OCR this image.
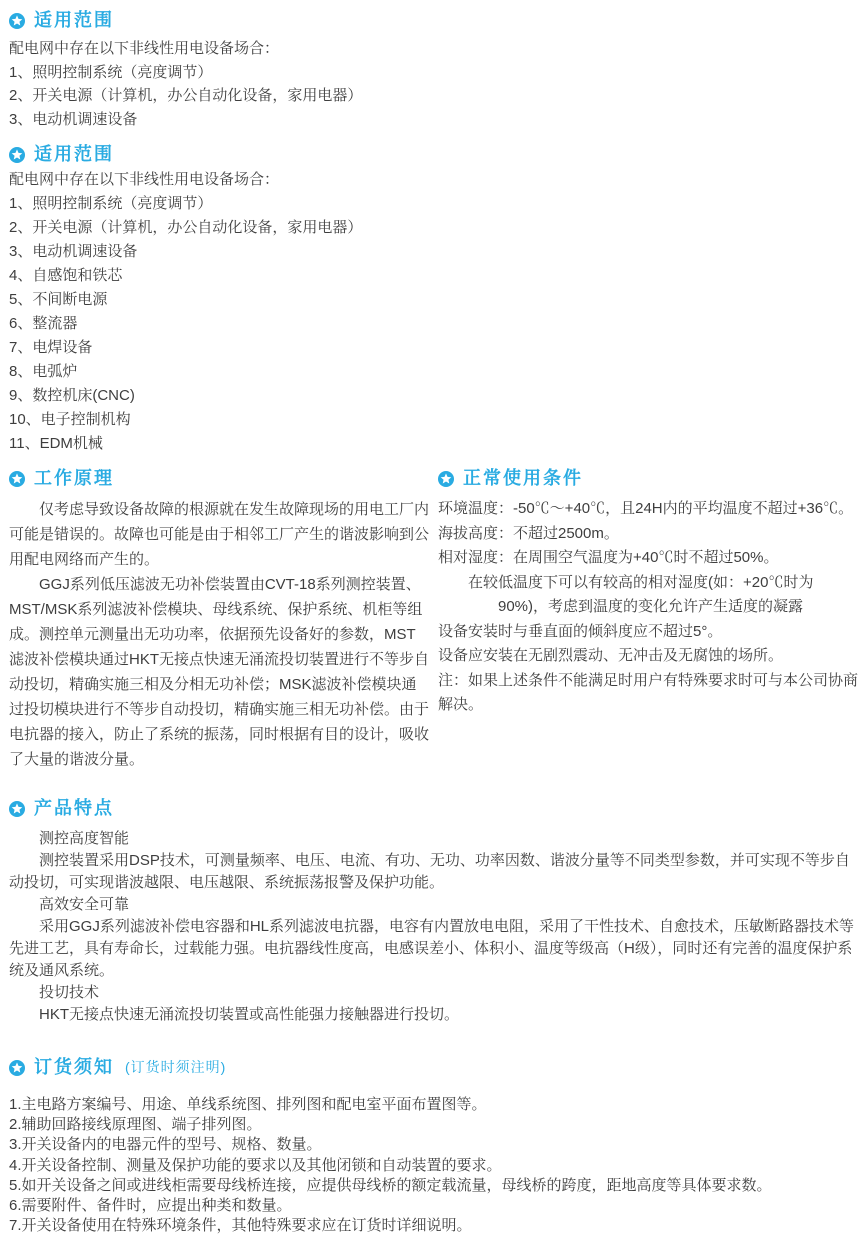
适用范围

配电网中存在以下非线性用电设备场合：

1、照明控制系统（亮度调节）

2、开关电源（计算机，办公自动化设备，家用电器）

3、电动机调速设备

适用范围

配电网中存在以下非线性用电设备场合：

1、照明控制系统（亮度调节）

2、开关电源（计算机，办公自动化设备，家用电器）

3、电动机调速设备

4、自感饱和铁芯

5、不间断电源

6、整流器

7、电焊设备

8、电弧炉

9、数控机床(CNC)

10、电子控制机构

11、EDM机械

工作原理

仅考虑导致设备故障的根源就在发生故障现场的用电工厂内可能是错误的。故障也可能是由于相邻工厂产生的谐波影响到公用配电网络而产生的。

GGJ系列低压滤波无功补偿装置由CVT-18系列测控装置、MST/MSK系列滤波补偿模块、母线系统、保护系统、机柜等组成。测控单元测量出无功功率，依据预先设备好的参数，MST滤波补偿模块通过HKT无接点快速无涌流投切装置进行不等步自动投切，精确实施三相及分相无功补偿；MSK滤波补偿模块通过投切模块进行不等步自动投切，精确实施三相无功补偿。由于电抗器的接入，防止了系统的振荡，同时根据有目的设计，吸收了大量的谐波分量。

正常使用条件

环境温度：-50℃～+40℃，且24H内的平均温度不超过+36℃。

海拔高度：不超过2500m。

相对湿度：在周围空气温度为+40℃时不超过50%。

在较低温度下可以有较高的相对湿度(如：+20℃时为90%)，考虑到温度的变化允许产生适度的凝露

设备安装时与垂直面的倾斜度应不超过5°。

设备应安装在无剧烈震动、无冲击及无腐蚀的场所。

注：如果上述条件不能满足时用户有特殊要求时可与本公司协商解决。

产品特点

测控高度智能

测控装置采用DSP技术，可测量频率、电压、电流、有功、无功、功率因数、谐波分量等不同类型参数，并可实现不等步自动投切，可实现谐波越限、电压越限、系统振荡报警及保护功能。

高效安全可靠

采用GGJ系列滤波补偿电容器和HL系列滤波电抗器，电容有内置放电电阻，采用了干性技术、自愈技术，压敏断路器技术等先进工艺，具有寿命长，过载能力强。电抗器线性度高，电感误差小、体积小、温度等级高（H级），同时还有完善的温度保护系统及通风系统。

投切技术

HKT无接点快速无涌流投切装置或高性能强力接触器进行投切。

订货须知 (订货时须注明)

1.主电路方案编号、用途、单线系统图、排列图和配电室平面布置图等。

2.辅助回路接线原理图、端子排列图。

3.开关设备内的电器元件的型号、规格、数量。

4.开关设备控制、测量及保护功能的要求以及其他闭锁和自动装置的要求。

5.如开关设备之间或进线柜需要母线桥连接，应提供母线桥的额定载流量，母线桥的跨度，距地高度等具体要求数。

6.需要附件、备件时，应提出种类和数量。

7.开关设备使用在特殊环境条件，其他特殊要求应在订货时详细说明。
